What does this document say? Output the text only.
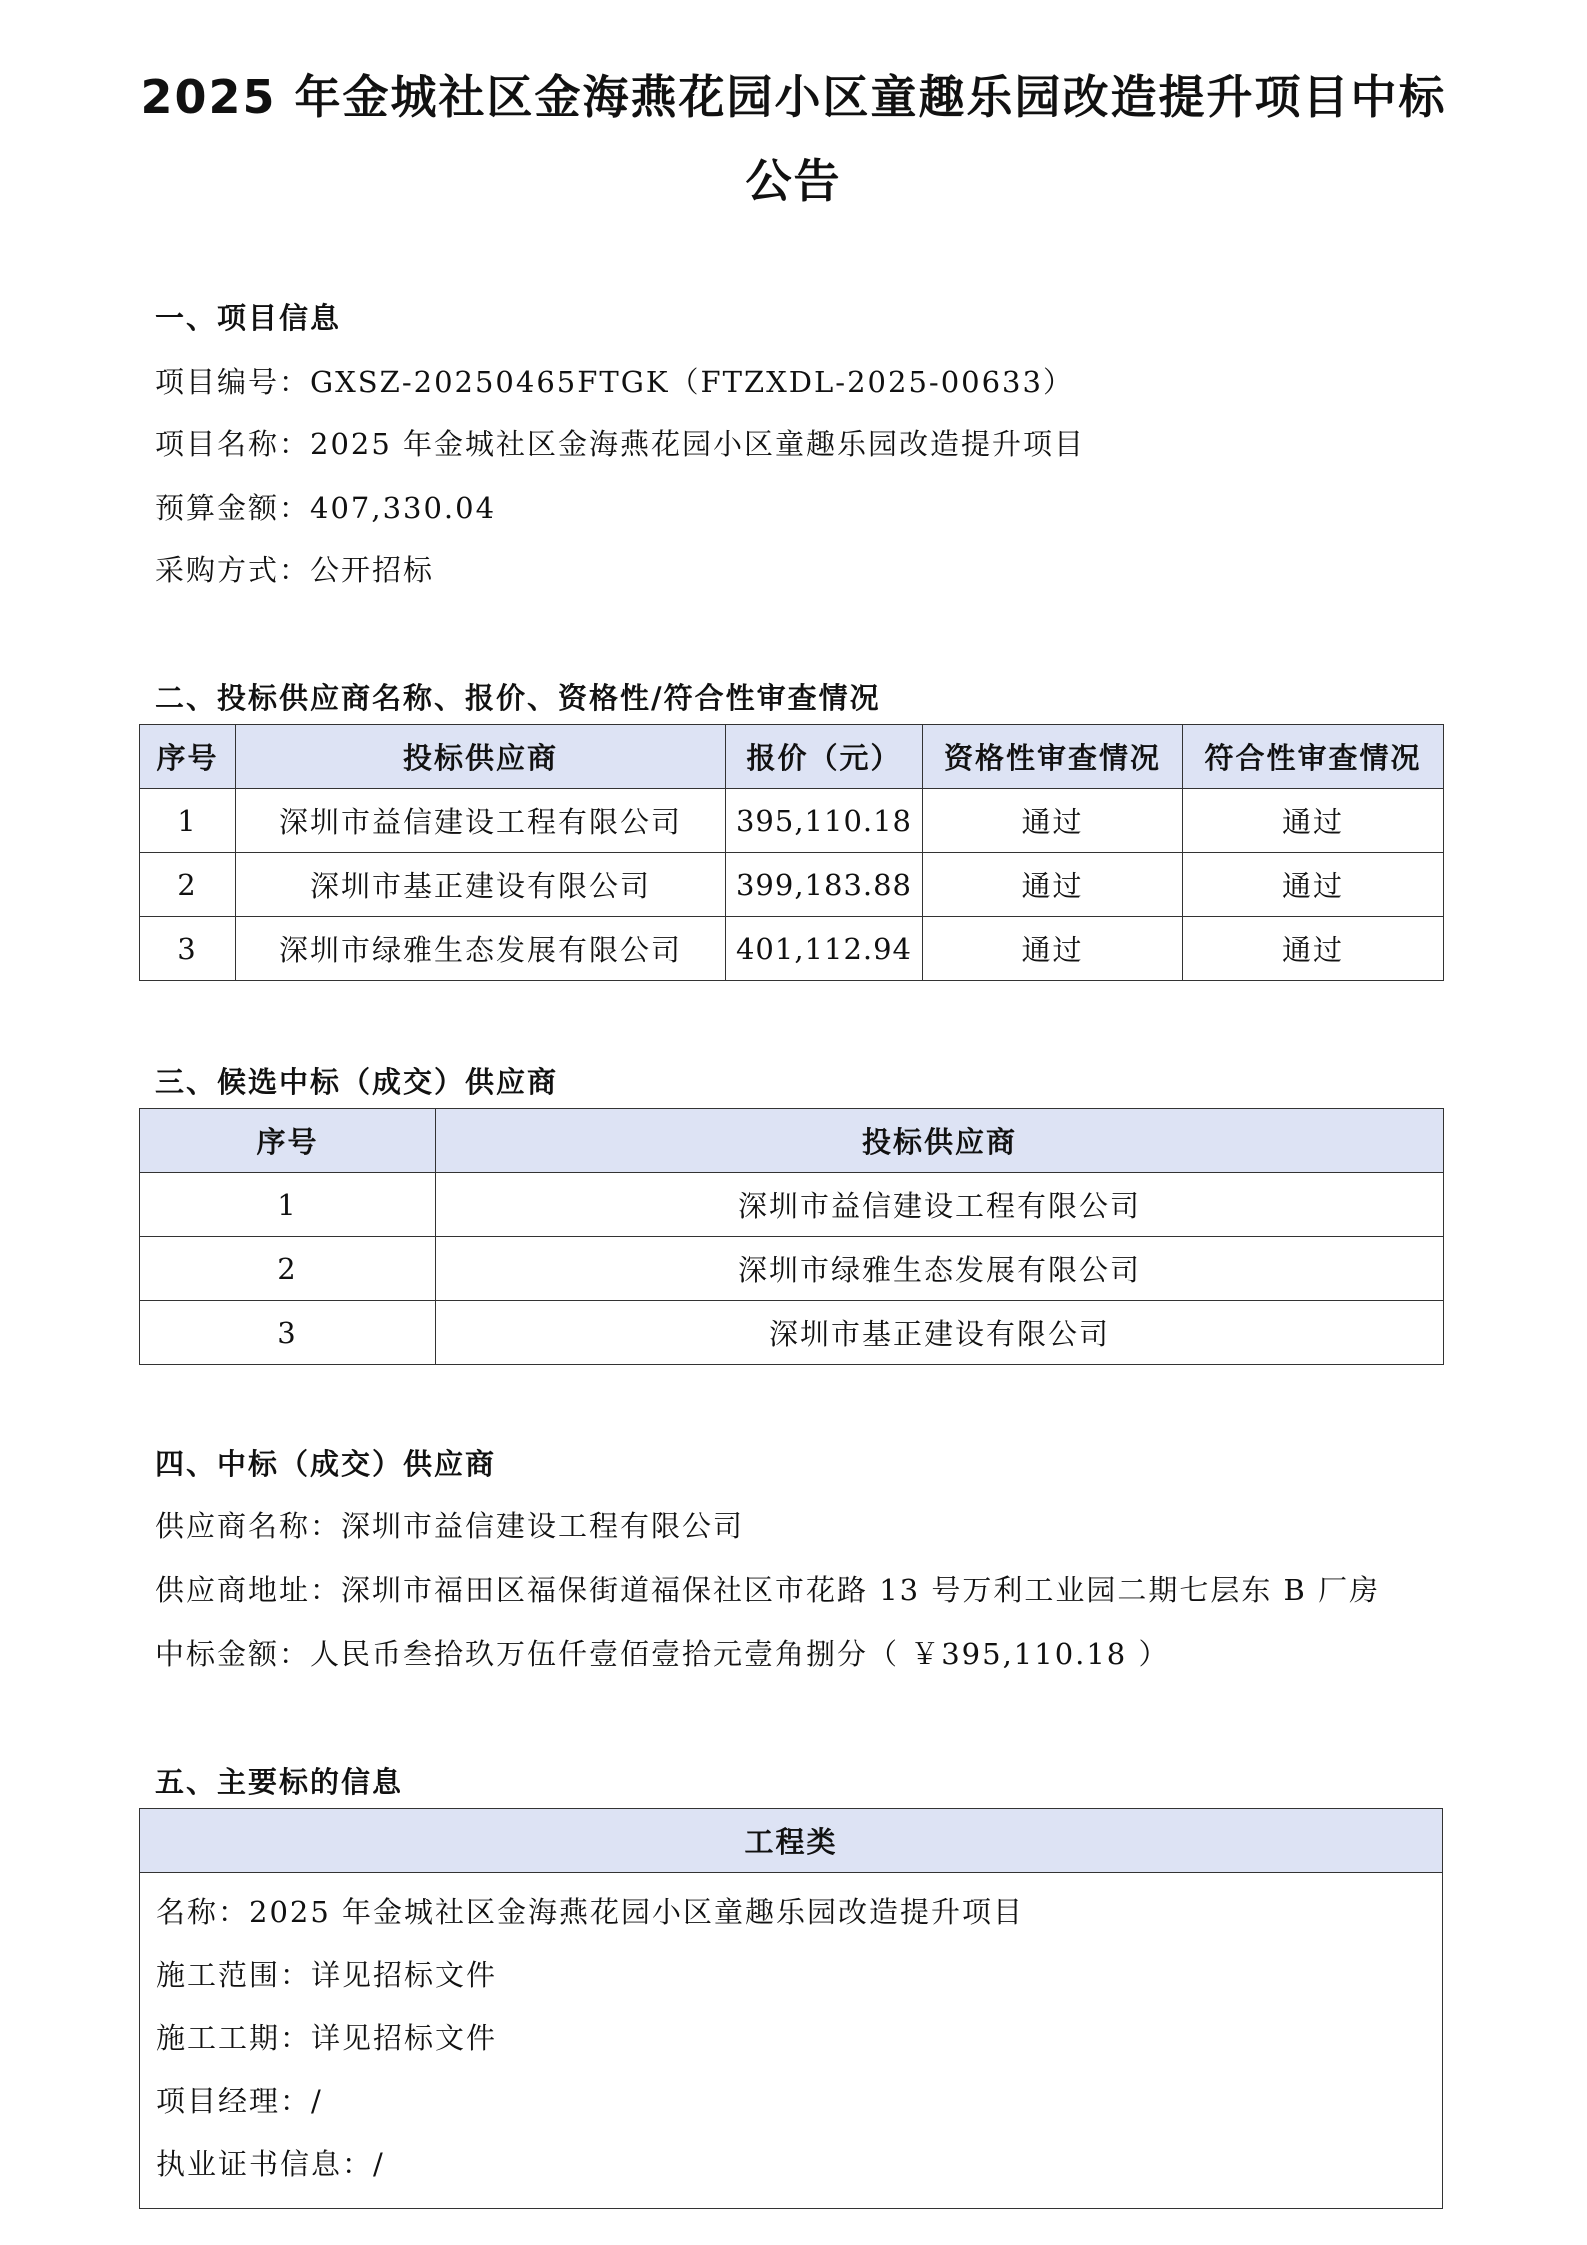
2025 年金城社区金海燕花园小区童趣乐园改造提升项目中标
公告
一、项目信息

项目编号：GXSZ-20250465FTGK（FTZXDL-2025-00633）

项目名称：2025 年金城社区金海燕花园小区童趣乐园改造提升项目

预算金额：407,330.04

采购方式：公开招标

二、投标供应商名称、报价、资格性/符合性审查情况
序号	投标供应商	报价（元）	资格性审查情况	符合性审查情况
1	深圳市益信建设工程有限公司	395,110.18	通过	通过
2	深圳市基正建设有限公司	399,183.88	通过	通过
3	深圳市绿雅生态发展有限公司	401,112.94	通过	通过
三、候选中标（成交）供应商
序号	投标供应商
1	深圳市益信建设工程有限公司
2	深圳市绿雅生态发展有限公司
3	深圳市基正建设有限公司
四、中标（成交）供应商

供应商名称：深圳市益信建设工程有限公司

供应商地址：深圳市福田区福保街道福保社区市花路 13 号万利工业园二期七层东 B 厂房

中标金额：人民币叁拾玖万伍仟壹佰壹拾元壹角捌分（ ￥395,110.18 ）

五、主要标的信息
工程类

名称：2025 年金城社区金海燕花园小区童趣乐园改造提升项目
施工范围：详见招标文件
施工工期：详见招标文件
项目经理：/
执业证书信息：/
